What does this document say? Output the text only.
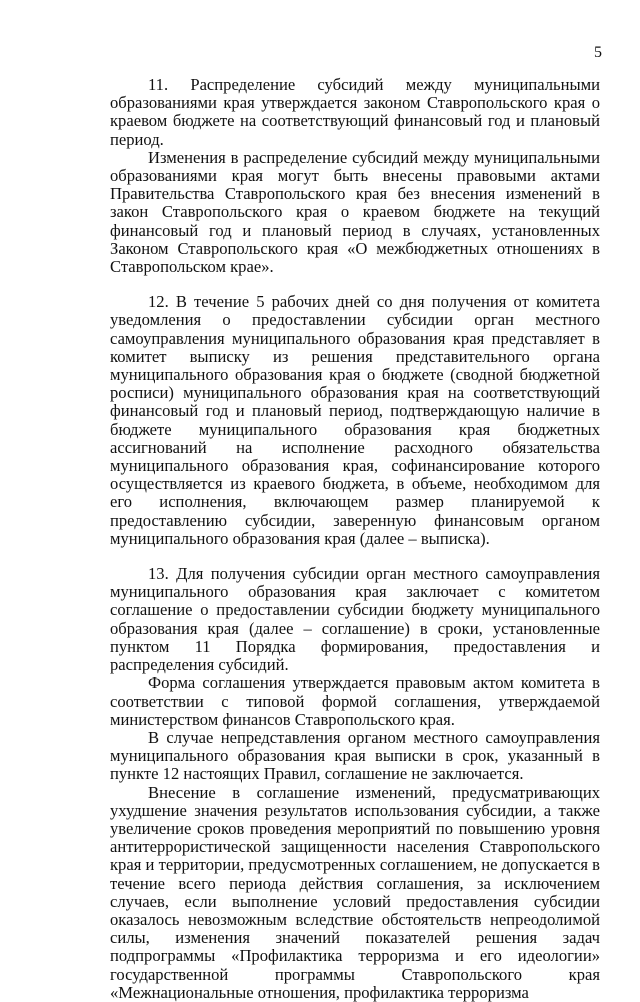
5

11. Распределение субсидий между муниципальными образованиями края утверждается законом Ставропольского края о краевом бюджете на соответствующий финансовый год и плановый период.

Изменения в распределение субсидий между муниципальными образованиями края могут быть внесены правовыми актами Правительства Ставропольского края без внесения изменений в закон Ставропольского края о краевом бюджете на текущий финансовый год и плановый период в случаях, установленных Законом Ставропольского края «О межбюджетных отношениях в Ставропольском крае».

12. В течение 5 рабочих дней со дня получения от комитета уведомления о предоставлении субсидии орган местного самоуправления муниципального образования края представляет в комитет выписку из решения представительного органа муниципального образования края о бюджете (сводной бюджетной росписи) муниципального образования края на соответствующий финансовый год и плановый период, подтверждающую наличие в бюджете муниципального образования края бюджетных ассигнований на исполнение расходного обязательства муниципального образования края, софинансирование которого осуществляется из краевого бюджета, в объеме, необходимом для его исполнения, включающем размер планируемой к предоставлению субсидии, заверенную финансовым органом муниципального образования края (далее – выписка).

13. Для получения субсидии орган местного самоуправления муниципального образования края заключает с комитетом соглашение о предоставлении субсидии бюджету муниципального образования края (далее – соглашение) в сроки, установленные пунктом 11 Порядка формирования, предоставления и распределения субсидий.

Форма соглашения утверждается правовым актом комитета в соответствии с типовой формой соглашения, утверждаемой министерством финансов Ставропольского края.

В случае непредставления органом местного самоуправления муниципального образования края выписки в срок, указанный в пункте 12 настоящих Правил, соглашение не заключается.

Внесение в соглашение изменений, предусматривающих ухудшение значения результатов использования субсидии, а также увеличение сроков проведения мероприятий по повышению уровня антитеррористической защищенности населения Ставропольского края и территории, предусмотренных соглашением, не допускается в течение всего периода действия соглашения, за исключением случаев, если выполнение условий предоставления субсидии оказалось невозможным вследствие обстоятельств непреодолимой силы, изменения значений показателей решения задач подпрограммы «Профилактика терроризма и его идеологии» государственной программы Ставропольского края «Межнациональные отношения, профилактика терроризма
